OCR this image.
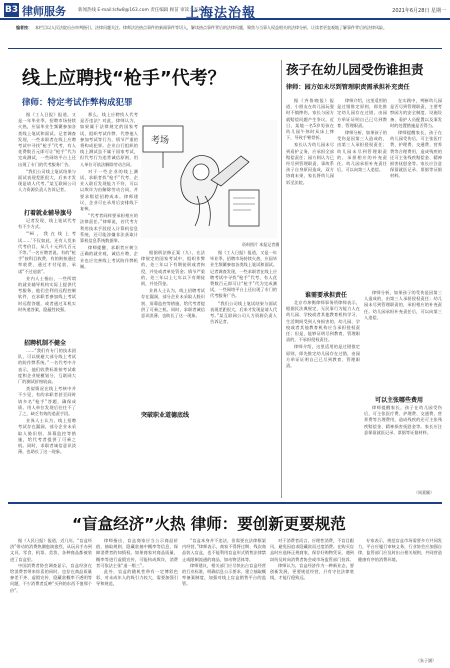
B3 律师服务	新闻热线 E-mail:lsfw8@163.com 责任编辑 顾苗 审读：李莉
上海法治報	2021年6月28日 星期一
编者按： 本栏目以人民法院出台审判指引、法律问题关注、律师法治热点事件的新闻事件等切入，解读热点事件背后的法律问题，聚焦与当事人权益相关的法律分析，让读者更直观地了解事件背后的法律风险。
线上应聘找“枪手”代考？
律师：特定考试作弊构成犯罪

据《工人日报》报道，又是一年毕业季，招聘市场持续火热，应届毕业生频繁参加各类线上笔试和面试。记者调查发现，一些求职者在线上应聘考试中寻找“枪手”代考，有人花费数百元即可让“枪手”代为完成测试，一些网络平台上还出现了专门的代考服务广告。

“我们公司线上笔试结果与面试表现差距很大，后来才发现是请人代考。”某互联网公司人力资源负责人告诉记者。

打着就业辅导旗号

记者发现，线上笔试代考有不少方式。

“‘Hi，我在线上考试……’不仅如此，还有人发来代考价目，从几十元到几百元不等。”一名应聘者说。有的“枪手”按科目收费，有的则按通过率收费，通过才付尾款，承诺“不过退款”。

业内人士指出，一些所谓的就业辅导机构实际上提供代考服务，他们会利用远程控制软件，在求职者参加线上考试时远程答题，或者通过耳机实时传递答案，隐蔽性较强。

招聘机制不健全

……“我们有专门的技术团队，可以规避大部分线上考试的防作弊系统。”一名代考中介表示，他们收费标准按考试难度和企业规模划分，互联网大厂的测试价格较高。

类似情况在线上考核中并不少见，有的求职者甚至同时请多名“枪手”答题，确保成绩。用人单位发现后往往不了了之，缺乏有效的追责手段。

业界人士认为，线上招聘考试存在漏洞，部分企业未采取人脸识别、屏幕监控等措施，给代考者提供了可乘之机。同时，求职者诚信意识淡薄，也助长了这一现象。

那么，线上应聘找人代考是否违法？对此，律师认为，如果属于法律规定的国家考试，组织考试作弊、代替他人参加考试等行为，情节严重的将构成犯罪。企业自行组织的线上测试虽不属于国家考试，但代考行为违背诚信原则，用人单位可依法解除劳动合同。

对于一些企业的线上测试，求职者找“枪手”代考，企业入职后发现能力不符，可以以欺诈为由解除劳动合同，并要求赔偿招聘成本。律师建议，企业可在录用后安排线下复核。

“代考者同样要承担相应的法律责任。”律师说，若代考方利用技术手段侵入计算机信息系统，还可能涉嫌非法获取计算机信息系统数据罪。

律师提醒，求职者应树立正确的就业观，诚信应聘，企业也应完善线上考试防作弊机制。

考场
资料图片 本报记者摄

根据刑法修正案（九），在法律规定的国家考试中，组织作弊的，处三年以下有期徒刑或者拘役，并处或者单处罚金；情节严重的，处三年以上七年以下有期徒刑，并处罚金。

业界人士认为，线上招聘考试存在漏洞，部分企业未采取人脸识别、屏幕监控等措施，给代考者提供了可乘之机。同时，求职者诚信意识淡薄，也助长了这一现象。

突破职业道德底线

据《工人日报》报道，又是一年毕业季，招聘市场持续火热，应届毕业生频繁参加各类线上笔试和面试。记者调查发现，一些求职者在线上应聘考试中寻找“枪手”代考，有人花费数百元即可让“枪手”代为完成测试，一些网络平台上还出现了专门的代考服务广告。

“我们公司线上笔试结果与面试表现差距很大，后来才发现是请人代考。”某互联网公司人力资源负责人告诉记者。

孩子在幼儿园受伤谁担责
律师：园方如未尽到管理职责需承担补充责任

据《齐鲁晚报》报道，小朋友在幼儿园玩耍时不慎摔伤，家长与园方就赔偿问题产生争议。近日，某地一名5岁男孩在幼儿园午休时从床上摔下，导致手臂骨折。

家长认为幼儿园未尽到看护义务，应承担全部赔偿责任；园方则认为已经尽到管理职责，事故系孩子自身原因造成，双方协商未果，家长将幼儿园诉至法院。

律师介绍，这里适用的是过错推定原则，即先推定幼儿园存在过错，由园方举证证明自己已尽到教育、管理职责。

律师分析，如果孩子的受伤是因第三人造成的，由第三人承担侵权责任；幼儿园未尽到管理职责的，承担相应的补充责任。幼儿园承担补充责任后，可以向第三人追偿。

在实践中，判断幼儿园是否尽到管理职责，主要考察园方的安全制度、设施设备、看护人员配置以及事发时的处置措施是否得当。

律师提醒家长，孩子在幼儿园受伤后，可主张医疗费、护理费、交通费、营养费等合理费用，造成残疾的还可主张残疾赔偿金、精神损害抚慰金等。家长应注意保留就医记录、票据等证据材料。

谁需要承担责任

北京市炜衡律师事务所律师表示，根据民法典规定，无民事行为能力人在幼儿园、学校或者其他教育机构学习、生活期间受到人身损害的，幼儿园、学校或者其他教育机构应当承担侵权责任；但是，能够证明尽到教育、管理职责的，不承担侵权责任。

律师介绍，这里适用的是过错推定原则，即先推定幼儿园存在过错，由园方举证证明自己已尽到教育、管理职责。

可以主张哪些费用

律师分析，如果孩子的受伤是因第三人造成的，由第三人承担侵权责任；幼儿园未尽到管理职责的，承担相应的补充责任。幼儿园承担补充责任后，可以向第三人追偿。

律师提醒家长，孩子在幼儿园受伤后，可主张医疗费、护理费、交通费、营养费等合理费用，造成残疾的还可主张残疾赔偿金、精神损害抚慰金等。家长应注意保留就医记录、票据等证据材料。

（周嘉颖）
“盲盒经济”火热 律师：要创新更要规范

据《人民日报》报道，近几年，“盲盒经济”带动的消费热潮愈演愈烈，从玩具手办到文具、零食、机票、美妆，各种商品都被装进了盲盒里。

中国消费者协会调查显示，盲盒经济在给消费者带来惊喜的同时，也存在商品质量参差不齐、虚假宣传、隐藏款概率不透明等问题，不少消费者反映“买到的东西不值那个价”。

律师指出，盲盒商家应当公示商品价值、抽取规则、隐藏款抽中概率等信息，保障消费者的知情权。如果商家对商品质量、概率等进行虚假宣传，可能构成欺诈，消费者可依法主张“退一赔三”。

此外，盲盒的随机性带有一定博彩色彩，对未成年人的吸引力较大，需要加强引导和规范。

“盲盒本身并不违法，但需要在法律框架内经营。”律师表示，商家不得将过期、残次商品装入盲盒，也不能利用盲盒形式销售法律禁止或限制流通的商品，如动物活体等。

律师建议，相关部门应尽快出台盲盒经营的行业标准，明确信息公示要求，建立抽取概率备案制度，加强对线上盲盒销售平台的监管。

对于消费者而言，应理性消费，不盲目跟风，避免因追求隐藏款而过度消费。在购买盲盒时应选择正规商家，保存好购物凭证，遇到纠纷及时向消费者协会或市场监管部门投诉。

律师认为，盲盒经济作为一种新业态，要创新发展，更要规范经营，只有守住法律底线，才能行稳致远。

专家表示，规范盲盒市场需要多方共同发力，平台应履行审核义务，行业协会应加强自律，监管部门应及时出台相关规则，共同营造健康有序的消费环境。

（朱子涵）
